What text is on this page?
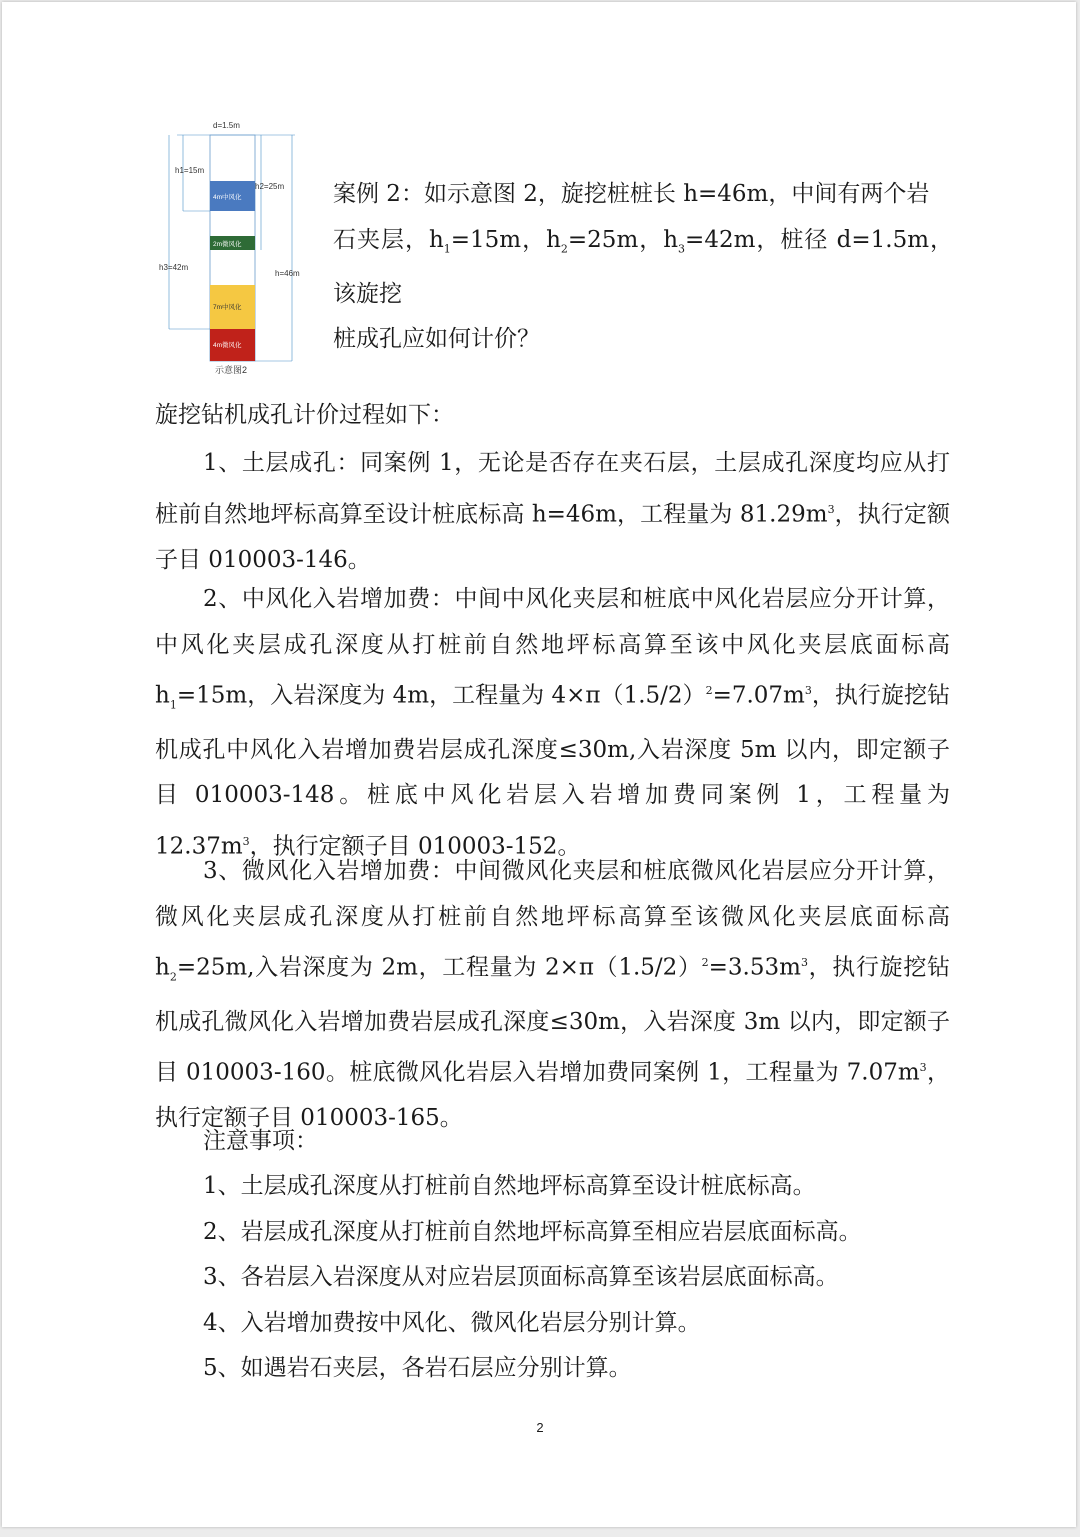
d=1.5m
4m中风化
2m微风化
7m中风化
4m微风化
h1=15m
h2=25m
h3=42m
h=46m
示意图2
案例 2：如示意图 2，旋挖桩桩长 h=46m，中间有两个岩
石夹层，$h_1=15m$，$h_2=25m$，$h_3=42m$，桩径 d=1.5m，该旋挖
桩成孔应如何计价？

旋挖钻机成孔计价过程如下：

1、土层成孔：同案例 1，无论是否存在夹石层，土层成孔深度均应从打桩前自然地坪标高算至设计桩底标高 h=46m，工程量为 $81.29m^3$，执行定额子目 010003-146。

2、中风化入岩增加费：中间中风化夹层和桩底中风化岩层应分开计算，中风化夹层成孔深度从打桩前自然地坪标高算至该中风化夹层底面标高 $h_1=15m$，入岩深度为 4m，工程量为 $4\times\pi(1.5/2)^2=7.07m^3$，执行旋挖钻机成孔中风化入岩增加费岩层成孔深度≤30m,入岩深度 5m 以内，即定额子目 010003-148。桩底中风化岩层入岩增加费同案例 1，工程量为 $12.37m^3$，执行定额子目 010003-152。

3、微风化入岩增加费：中间微风化夹层和桩底微风化岩层应分开计算，微风化夹层成孔深度从打桩前自然地坪标高算至该微风化夹层底面标高 $h_2=25m$,入岩深度为 2m，工程量为 $2\times\pi(1.5/2)^2=3.53m^3$，执行旋挖钻机成孔微风化入岩增加费岩层成孔深度≤30m，入岩深度 3m 以内，即定额子目 010003-160。桩底微风化岩层入岩增加费同案例 1，工程量为 $7.07m^3$，执行定额子目 010003-165。

注意事项：

1、土层成孔深度从打桩前自然地坪标高算至设计桩底标高。

2、岩层成孔深度从打桩前自然地坪标高算至相应岩层底面标高。

3、各岩层入岩深度从对应岩层顶面标高算至该岩层底面标高。

4、入岩增加费按中风化、微风化岩层分别计算。

5、如遇岩石夹层，各岩石层应分别计算。

2
